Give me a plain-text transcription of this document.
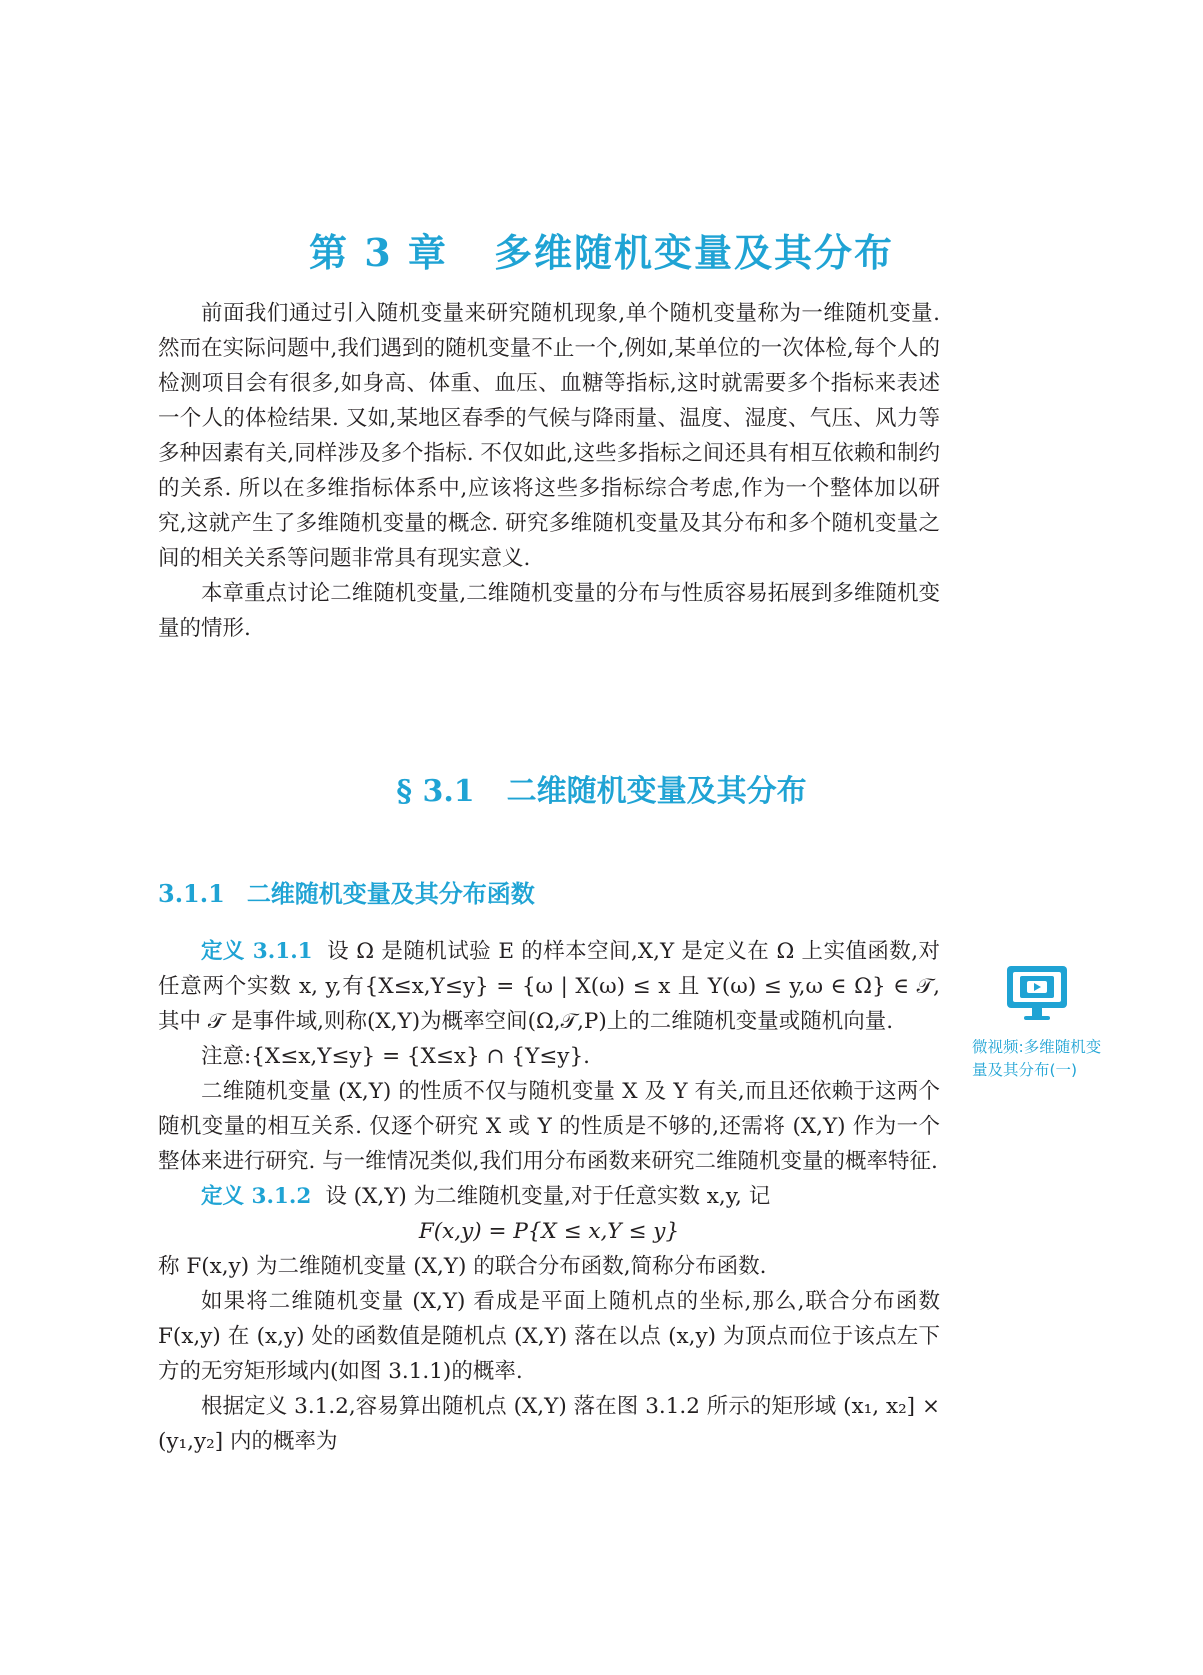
第 3 章 多维随机变量及其分布

前面我们通过引入随机变量来研究随机现象,单个随机变量称为一维随机变量. 然而在实际问题中,我们遇到的随机变量不止一个,例如,某单位的一次体检,每个人的检测项目会有很多,如身高、体重、血压、血糖等指标,这时就需要多个指标来表述一个人的体检结果. 又如,某地区春季的气候与降雨量、温度、湿度、气压、风力等多种因素有关,同样涉及多个指标. 不仅如此,这些多指标之间还具有相互依赖和制约的关系. 所以在多维指标体系中,应该将这些多指标综合考虑,作为一个整体加以研究,这就产生了多维随机变量的概念. 研究多维随机变量及其分布和多个随机变量之间的相关关系等问题非常具有现实意义.

本章重点讨论二维随机变量,二维随机变量的分布与性质容易拓展到多维随机变量的情形.

§ 3.1 二维随机变量及其分布
3.1.1 二维随机变量及其分布函数

定义 3.1.1 设 Ω 是随机试验 E 的样本空间,X,Y 是定义在 Ω 上实值函数,对任意两个实数 x, y,有{X≤x,Y≤y} = {ω | X(ω) ≤ x 且 Y(ω) ≤ y,ω ∈ Ω} ∈ 𝒯, 其中 𝒯 是事件域,则称(X,Y)为概率空间(Ω,𝒯,P)上的二维随机变量或随机向量.

注意:{X≤x,Y≤y} = {X≤x} ∩ {Y≤y}.

二维随机变量 (X,Y) 的性质不仅与随机变量 X 及 Y 有关,而且还依赖于这两个随机变量的相互关系. 仅逐个研究 X 或 Y 的性质是不够的,还需将 (X,Y) 作为一个整体来进行研究. 与一维情况类似,我们用分布函数来研究二维随机变量的概率特征.

定义 3.1.2 设 (X,Y) 为二维随机变量,对于任意实数 x,y, 记

F(x,y) = P{X ≤ x,Y ≤ y}

称 F(x,y) 为二维随机变量 (X,Y) 的联合分布函数,简称分布函数.

如果将二维随机变量 (X,Y) 看成是平面上随机点的坐标,那么,联合分布函数 F(x,y) 在 (x,y) 处的函数值是随机点 (X,Y) 落在以点 (x,y) 为顶点而位于该点左下方的无穷矩形域内(如图 3.1.1)的概率.

根据定义 3.1.2,容易算出随机点 (X,Y) 落在图 3.1.2 所示的矩形域 (x₁, x₂] × (y₁,y₂] 内的概率为

微视频:多维随机变量及其分布(一)
